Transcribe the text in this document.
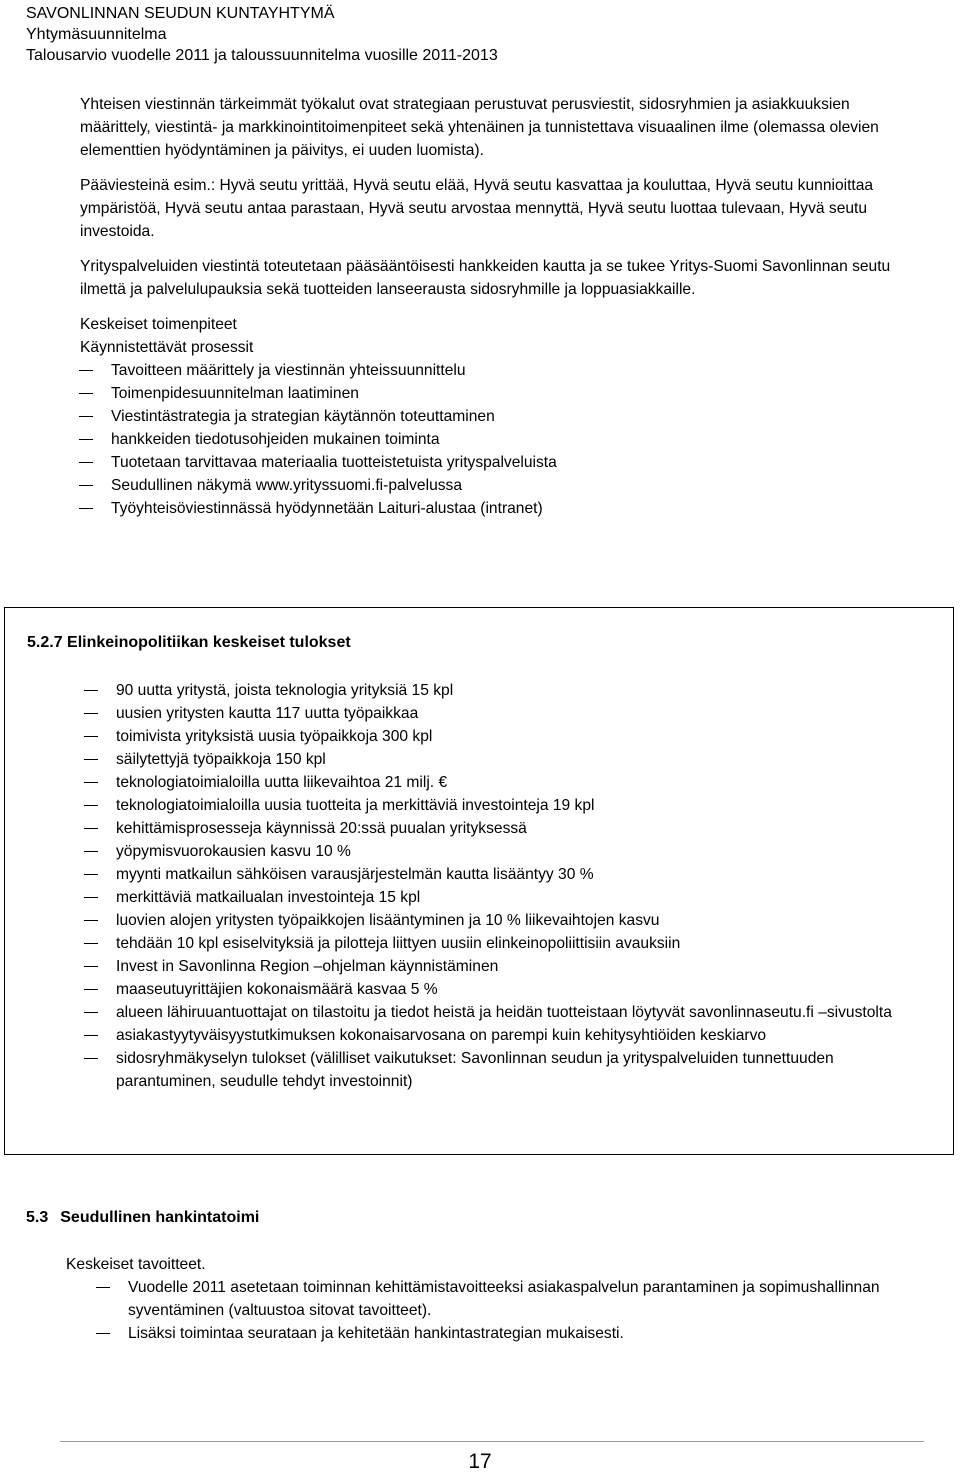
SAVONLINNAN SEUDUN KUNTAYHTYMÄ
Yhtymäsuunnitelma
Talousarvio vuodelle 2011 ja taloussuunnitelma vuosille 2011-2013

Yhteisen viestinnän tärkeimmät työkalut ovat strategiaan perustuvat perusviestit, sidosryhmien ja asiakkuuksien määrittely, viestintä- ja markkinointitoimenpiteet sekä yhtenäinen ja tunnistettava visuaalinen ilme (olemassa olevien elementtien hyödyntäminen ja päivitys, ei uuden luomista).

Pääviesteinä esim.: Hyvä seutu yrittää, Hyvä seutu elää, Hyvä seutu kasvattaa ja kouluttaa, Hyvä seutu kunnioittaa ympäristöä, Hyvä seutu antaa parastaan, Hyvä seutu arvostaa mennyttä, Hyvä seutu luottaa tulevaan, Hyvä seutu investoida.

Yrityspalveluiden viestintä toteutetaan pääsääntöisesti hankkeiden kautta ja se tukee Yritys-Suomi Savonlinnan seutu ilmettä ja palvelulupauksia sekä tuotteiden lanseerausta sidosryhmille ja loppuasiakkaille.

Keskeiset toimenpiteet

Käynnistettävät prosessit

Tavoitteen määrittely ja viestinnän yhteissuunnittelu
Toimenpidesuunnitelman laatiminen
Viestintästrategia ja strategian käytännön toteuttaminen
hankkeiden tiedotusohjeiden mukainen toiminta
Tuotetaan tarvittavaa materiaalia tuotteistetuista yrityspalveluista
Seudullinen näkymä www.yrityssuomi.fi-palvelussa
Työyhteisöviestinnässä hyödynnetään Laituri-alustaa (intranet)
5.2.7 Elinkeinopolitiikan keskeiset tulokset
90 uutta yritystä, joista teknologia yrityksiä 15 kpl
uusien yritysten kautta 117 uutta työpaikkaa
toimivista yrityksistä uusia työpaikkoja 300 kpl
säilytettyjä työpaikkoja 150 kpl
teknologiatoimialoilla uutta liikevaihtoa 21 milj. €
teknologiatoimialoilla uusia tuotteita ja merkittäviä investointeja 19 kpl
kehittämisprosesseja käynnissä 20:ssä puualan yrityksessä
yöpymisvuorokausien kasvu 10 %
myynti matkailun sähköisen varausjärjestelmän kautta lisääntyy 30 %
merkittäviä matkailualan investointeja 15 kpl
luovien alojen yritysten työpaikkojen lisääntyminen ja 10 % liikevaihtojen kasvu
tehdään 10 kpl esiselvityksiä ja pilotteja liittyen uusiin elinkeinopoliittisiin avauksiin
Invest in Savonlinna Region –ohjelman käynnistäminen
maaseutuyrittäjien kokonaismäärä kasvaa 5 %
alueen lähiruuantuottajat on tilastoitu ja tiedot heistä ja heidän tuotteistaan löytyvät savonlinnaseutu.fi –sivustolta
asiakastyytyväisyystutkimuksen kokonaisarvosana on parempi kuin kehitysyhtiöiden keskiarvo
sidosryhmäkyselyn tulokset (välilliset vaikutukset: Savonlinnan seudun ja yrityspalveluiden tunnettuuden parantuminen, seudulle tehdyt investoinnit)
5.3 Seudullinen hankintatoimi

Keskeiset tavoitteet.

Vuodelle 2011 asetetaan toiminnan kehittämistavoitteeksi asiakaspalvelun parantaminen ja sopimushallinnan syventäminen (valtuustoa sitovat tavoitteet).
Lisäksi toimintaa seurataan ja kehitetään hankintastrategian mukaisesti.
17
